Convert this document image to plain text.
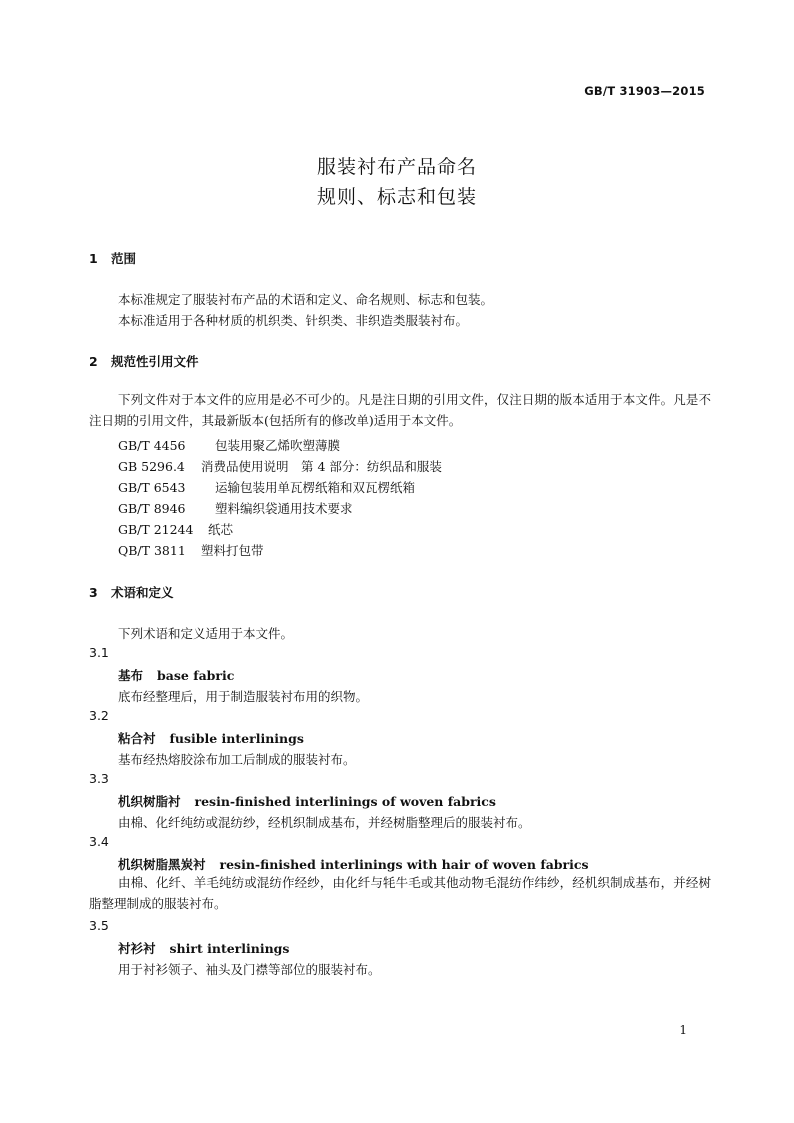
GB/T 31903—2015
服装衬布产品命名
规则、标志和包装
1 范围
本标准规定了服装衬布产品的术语和定义、命名规则、标志和包装。
本标准适用于各种材质的机织类、针织类、非织造类服装衬布。
2 规范性引用文件
下列文件对于本文件的应用是必不可少的。凡是注日期的引用文件，仅注日期的版本适用于本文件。凡是不注日期的引用文件，其最新版本(包括所有的修改单)适用于本文件。
GB/T 4456 包装用聚乙烯吹塑薄膜
GB 5296.4 消费品使用说明　第 4 部分：纺织品和服装
GB/T 6543 运输包装用单瓦楞纸箱和双瓦楞纸箱
GB/T 8946 塑料编织袋通用技术要求
GB/T 21244 纸芯
QB/T 3811 塑料打包带
3 术语和定义
下列术语和定义适用于本文件。
3.1
基布 base fabric
底布经整理后，用于制造服装衬布用的织物。
3.2
粘合衬 fusible interlinings
基布经热熔胶涂布加工后制成的服装衬布。
3.3
机织树脂衬 resin-finished interlinings of woven fabrics
由棉、化纤纯纺或混纺纱，经机织制成基布，并经树脂整理后的服装衬布。
3.4
机织树脂黑炭衬 resin-finished interlinings with hair of woven fabrics
由棉、化纤、羊毛纯纺或混纺作经纱，由化纤与牦牛毛或其他动物毛混纺作纬纱，经机织制成基布，并经树脂整理制成的服装衬布。
3.5
衬衫衬 shirt interlinings
用于衬衫领子、袖头及门襟等部位的服装衬布。
1
